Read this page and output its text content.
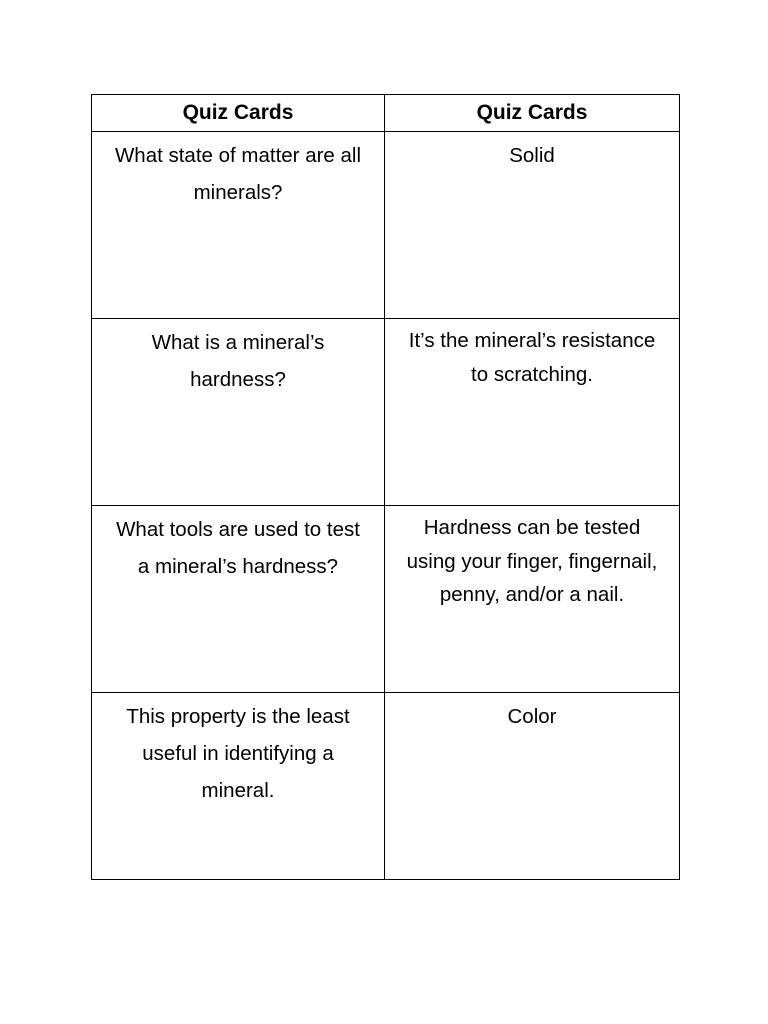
Quiz Cards	Quiz Cards

What state of matter are all minerals?	Solid

What is a mineral’s hardness?	It’s the mineral’s resistance to scratching.

What tools are used to test a mineral’s hardness?	Hardness can be tested using your finger, fingernail, penny, and/or a nail.

This property is the least useful in identifying a mineral.	Color
